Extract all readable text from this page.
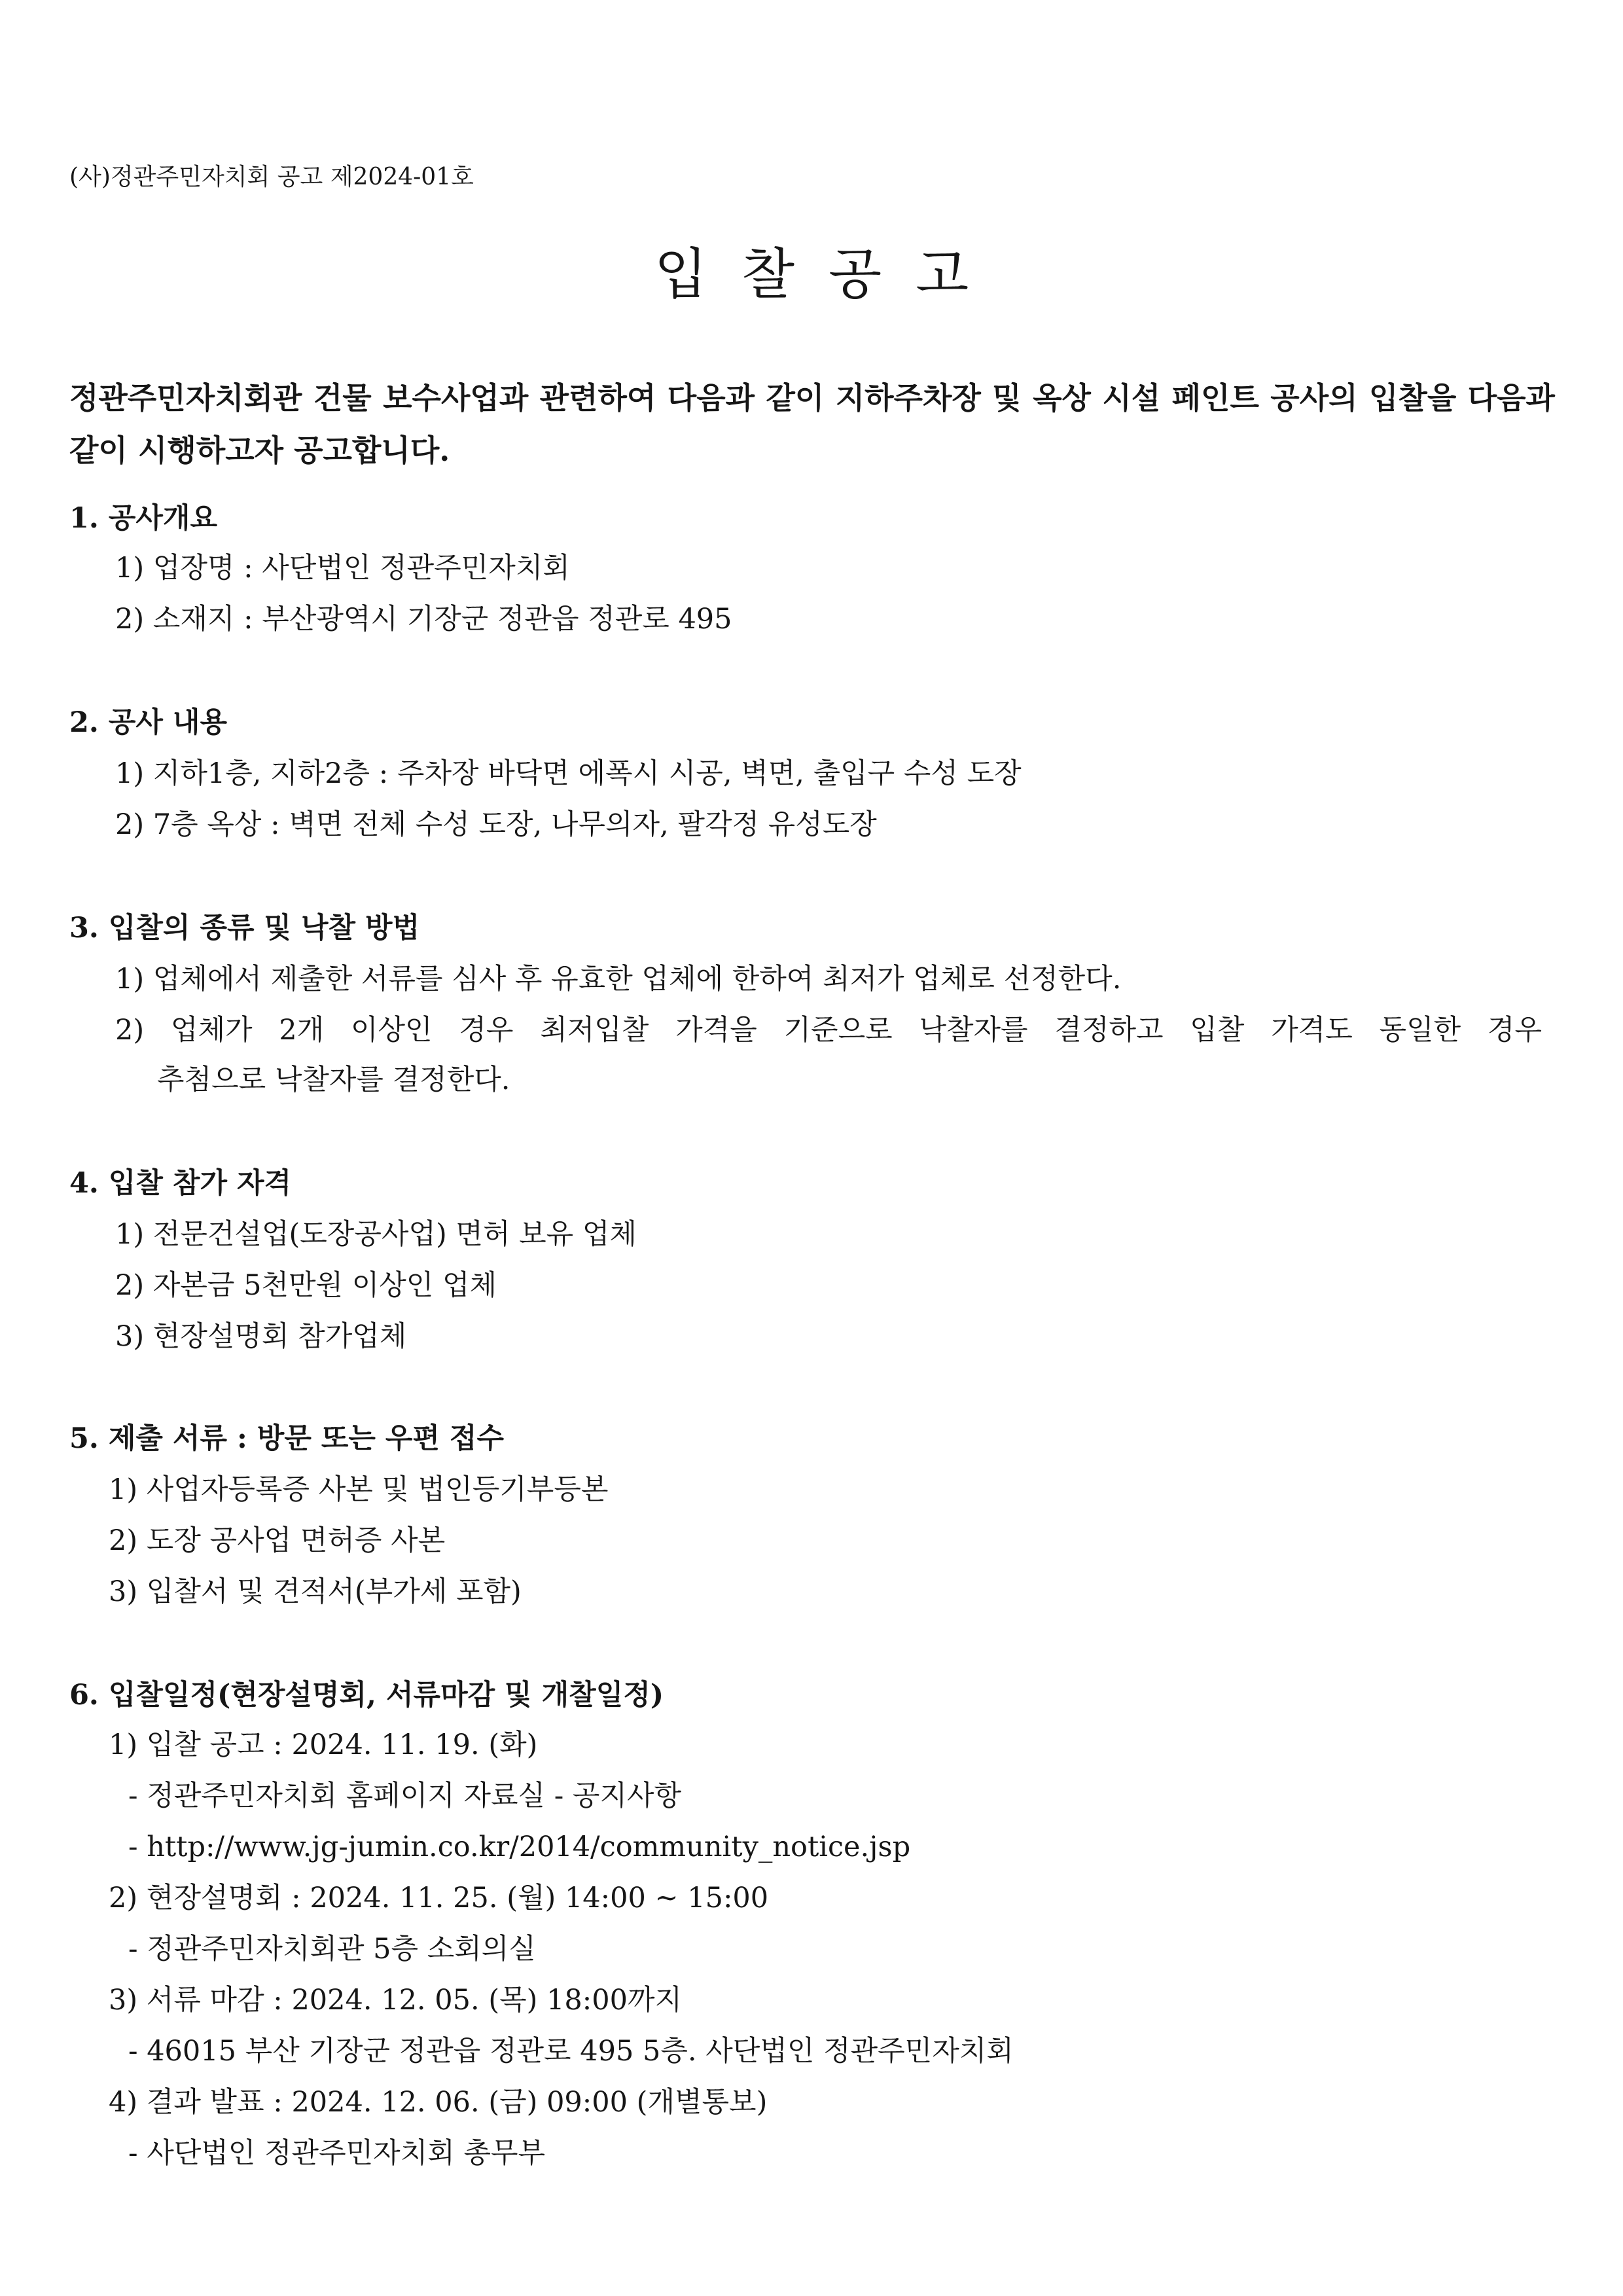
(사)정관주민자치회 공고 제2024-01호
입찰공고
정관주민자치회관 건물 보수사업과 관련하여 다음과 같이 지하주차장 및 옥상 시설 페인트 공사의 입찰을 다음과 같이 시행하고자 공고합니다.
1. 공사개요
1) 업장명 : 사단법인 정관주민자치회
2) 소재지 : 부산광역시 기장군 정관읍 정관로 495
2. 공사 내용
1) 지하1층, 지하2층 : 주차장 바닥면 에폭시 시공, 벽면, 출입구 수성 도장
2) 7층 옥상 : 벽면 전체 수성 도장, 나무의자, 팔각정 유성도장
3. 입찰의 종류 및 낙찰 방법
1) 업체에서 제출한 서류를 심사 후 유효한 업체에 한하여 최저가 업체로 선정한다.
2) 업체가 2개 이상인 경우 최저입찰 가격을 기준으로 낙찰자를 결정하고 입찰 가격도 동일한 경우
추첨으로 낙찰자를 결정한다.
4. 입찰 참가 자격
1) 전문건설업(도장공사업) 면허 보유 업체
2) 자본금 5천만원 이상인 업체
3) 현장설명회 참가업체
5. 제출 서류 : 방문 또는 우편 접수
1) 사업자등록증 사본 및 법인등기부등본
2) 도장 공사업 면허증 사본
3) 입찰서 및 견적서(부가세 포함)
6. 입찰일정(현장설명회, 서류마감 및 개찰일정)
1) 입찰 공고 : 2024. 11. 19. (화)
- 정관주민자치회 홈페이지 자료실 - 공지사항
- http://www.jg-jumin.co.kr/2014/community_notice.jsp
2) 현장설명회 : 2024. 11. 25. (월) 14:00 ~ 15:00
- 정관주민자치회관 5층 소회의실
3) 서류 마감 : 2024. 12. 05. (목) 18:00까지
- 46015 부산 기장군 정관읍 정관로 495 5층. 사단법인 정관주민자치회
4) 결과 발표 : 2024. 12. 06. (금) 09:00 (개별통보)
- 사단법인 정관주민자치회 총무부
